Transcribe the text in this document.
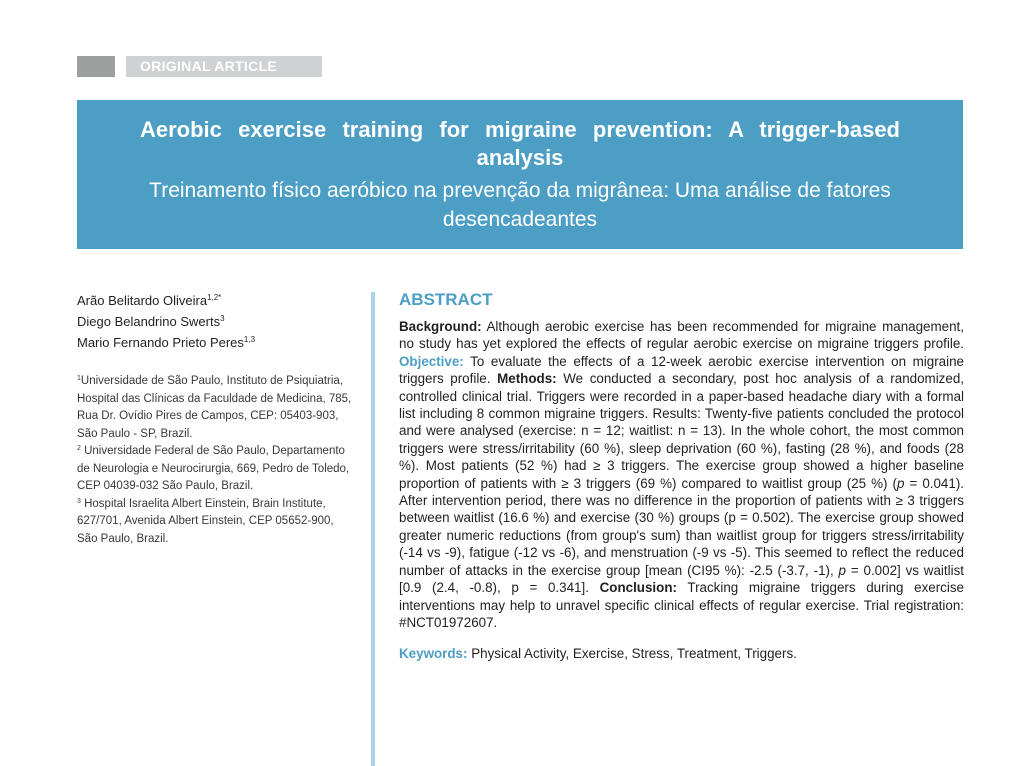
ORIGINAL ARTICLE
Aerobic exercise training for migraine prevention: A trigger-based analysis
Treinamento físico aeróbico na prevenção da migrânea: Uma análise de fatores desencadeantes
Arão Belitardo Oliveira$^{1,2*}$
Diego Belandrino Swerts$^3$
Mario Fernando Prieto Peres$^{1,3}$
$^1$Universidade de São Paulo, Instituto de Psiquiatria, Hospital das Clínicas da Faculdade de Medicina, 785, Rua Dr. Ovídio Pires de Campos, CEP: 05403-903, São Paulo - SP, Brazil.
$^2$ Universidade Federal de São Paulo, Departamento de Neurologia e Neurocirurgia, 669, Pedro de Toledo, CEP 04039-032 São Paulo, Brazil.
$^3$ Hospital Israelita Albert Einstein, Brain Institute, 627/701, Avenida Albert Einstein, CEP 05652-900, São Paulo, Brazil.
ABSTRACT

Background: Although aerobic exercise has been recommended for migraine management, no study has yet explored the effects of regular aerobic exercise on migraine triggers profile. Objective: To evaluate the effects of a 12-week aerobic exercise intervention on migraine triggers profile. Methods: We conducted a secondary, post hoc analysis of a randomized, controlled clinical trial. Triggers were recorded in a paper-based headache diary with a formal list including 8 common migraine triggers. Results: Twenty-five patients concluded the protocol and were analysed (exercise: n = 12; waitlist: n = 13). In the whole cohort, the most common triggers were stress/irritability (60 %), sleep deprivation (60 %), fasting (28 %), and foods (28 %). Most patients (52 %) had ≥ 3 triggers. The exercise group showed a higher baseline proportion of patients with ≥ 3 triggers (69 %) compared to waitlist group (25 %) (p = 0.041). After intervention period, there was no difference in the proportion of patients with ≥ 3 triggers between waitlist (16.6 %) and exercise (30 %) groups (p = 0.502). The exercise group showed greater numeric reductions (from group's sum) than waitlist group for triggers stress/irritability (-14 vs -9), fatigue (-12 vs -6), and menstruation (-9 vs -5). This seemed to reflect the reduced number of attacks in the exercise group [mean (CI95 %): -2.5 (-3.7, -1), p = 0.002] vs waitlist [0.9 (2.4, -0.8), p = 0.341]. Conclusion: Tracking migraine triggers during exercise interventions may help to unravel specific clinical effects of regular exercise. Trial registration: #NCT01972607.

Keywords: Physical Activity, Exercise, Stress, Treatment, Triggers.
